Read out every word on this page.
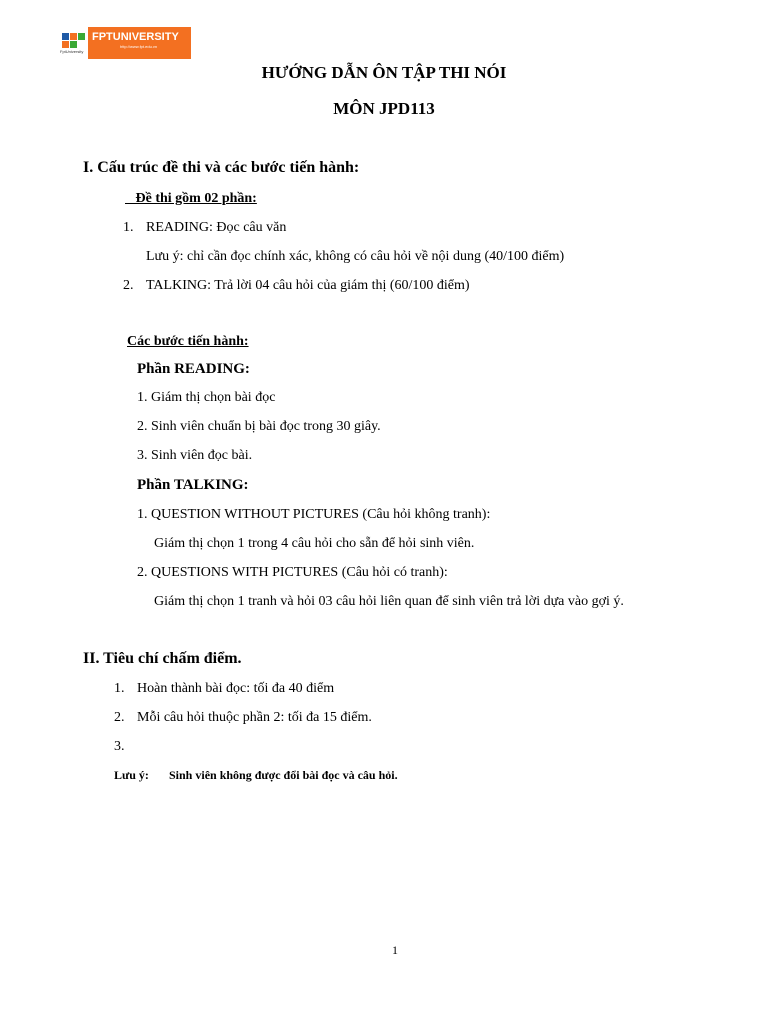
FptUniversity
FPTUNIVERSITY
http://www.fpt.edu.vn
HƯỚNG DẪN ÔN TẬP THI NÓI
MÔN JPD113
I. Cấu trúc đề thi và các bước tiến hành:
Đề thi gồm 02 phần:
1. READING: Đọc câu văn
Lưu ý: chỉ cần đọc chính xác, không có câu hỏi về nội dung (40/100 điểm)
2. TALKING: Trả lời 04 câu hỏi của giám thị (60/100 điểm)
Các bước tiến hành:
Phần READING:
1. Giám thị chọn bài đọc
2. Sinh viên chuẩn bị bài đọc trong 30 giây.
3. Sinh viên đọc bài.
Phần TALKING:
1. QUESTION WITHOUT PICTURES (Câu hỏi không tranh):
Giám thị chọn 1 trong 4 câu hỏi cho sẵn để hỏi sinh viên.
2. QUESTIONS WITH PICTURES (Câu hỏi có tranh):
Giám thị chọn 1 tranh và hỏi 03 câu hỏi liên quan để sinh viên trả lời dựa vào gợi ý.
II. Tiêu chí chấm điểm.
1. Hoàn thành bài đọc: tối đa 40 điểm
2. Mỗi câu hỏi thuộc phần 2: tối đa 15 điểm.
3.
Lưu ý: Sinh viên không được đổi bài đọc và câu hỏi.
1
